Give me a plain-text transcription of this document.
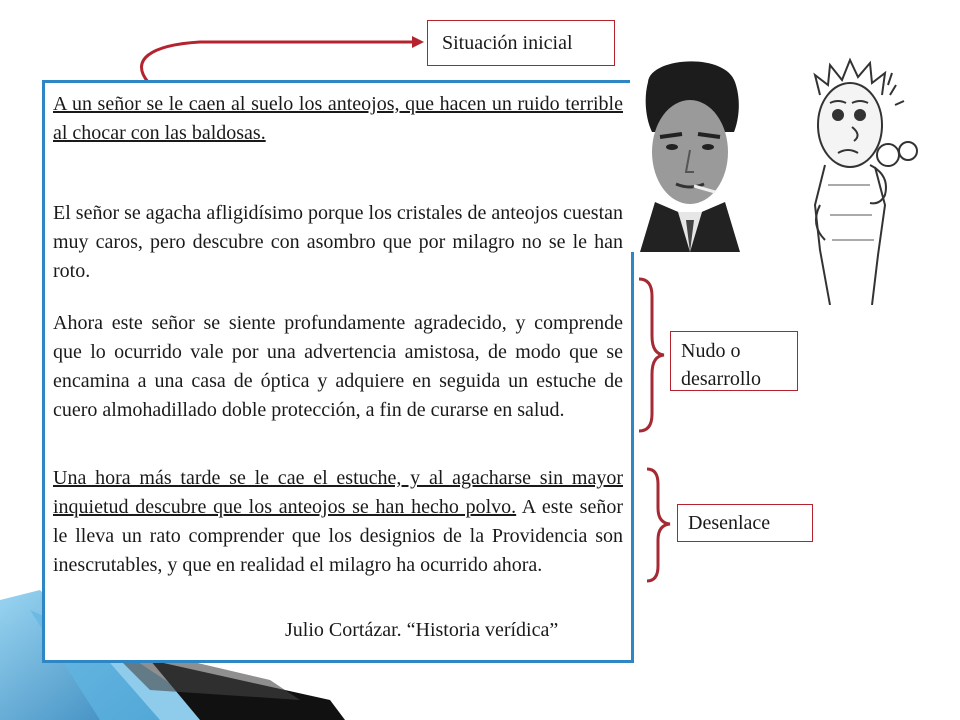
Situación inicial

A un señor se le caen al suelo los anteojos, que hacen un ruido terrible al chocar con las baldosas.

El señor se agacha afligidísimo porque los cristales de anteojos cuestan muy caros, pero descubre con asombro que por milagro no se le han roto.

Ahora este señor se siente profundamente agradecido, y comprende que lo ocurrido vale por una advertencia amistosa, de modo que se encamina a una casa de óptica y adquiere en seguida un estuche de cuero almohadillado doble protección, a fin de curarse en salud.

Una hora más tarde se le cae el estuche, y al agacharse sin mayor inquietud descubre que los anteojos se han hecho polvo. A este señor le lleva un rato comprender que los designios de la Providencia son inescrutables, y que en realidad el milagro ha ocurrido ahora.

Julio Cortázar. “Historia verídica”
Nudo o desarrollo
Desenlace
